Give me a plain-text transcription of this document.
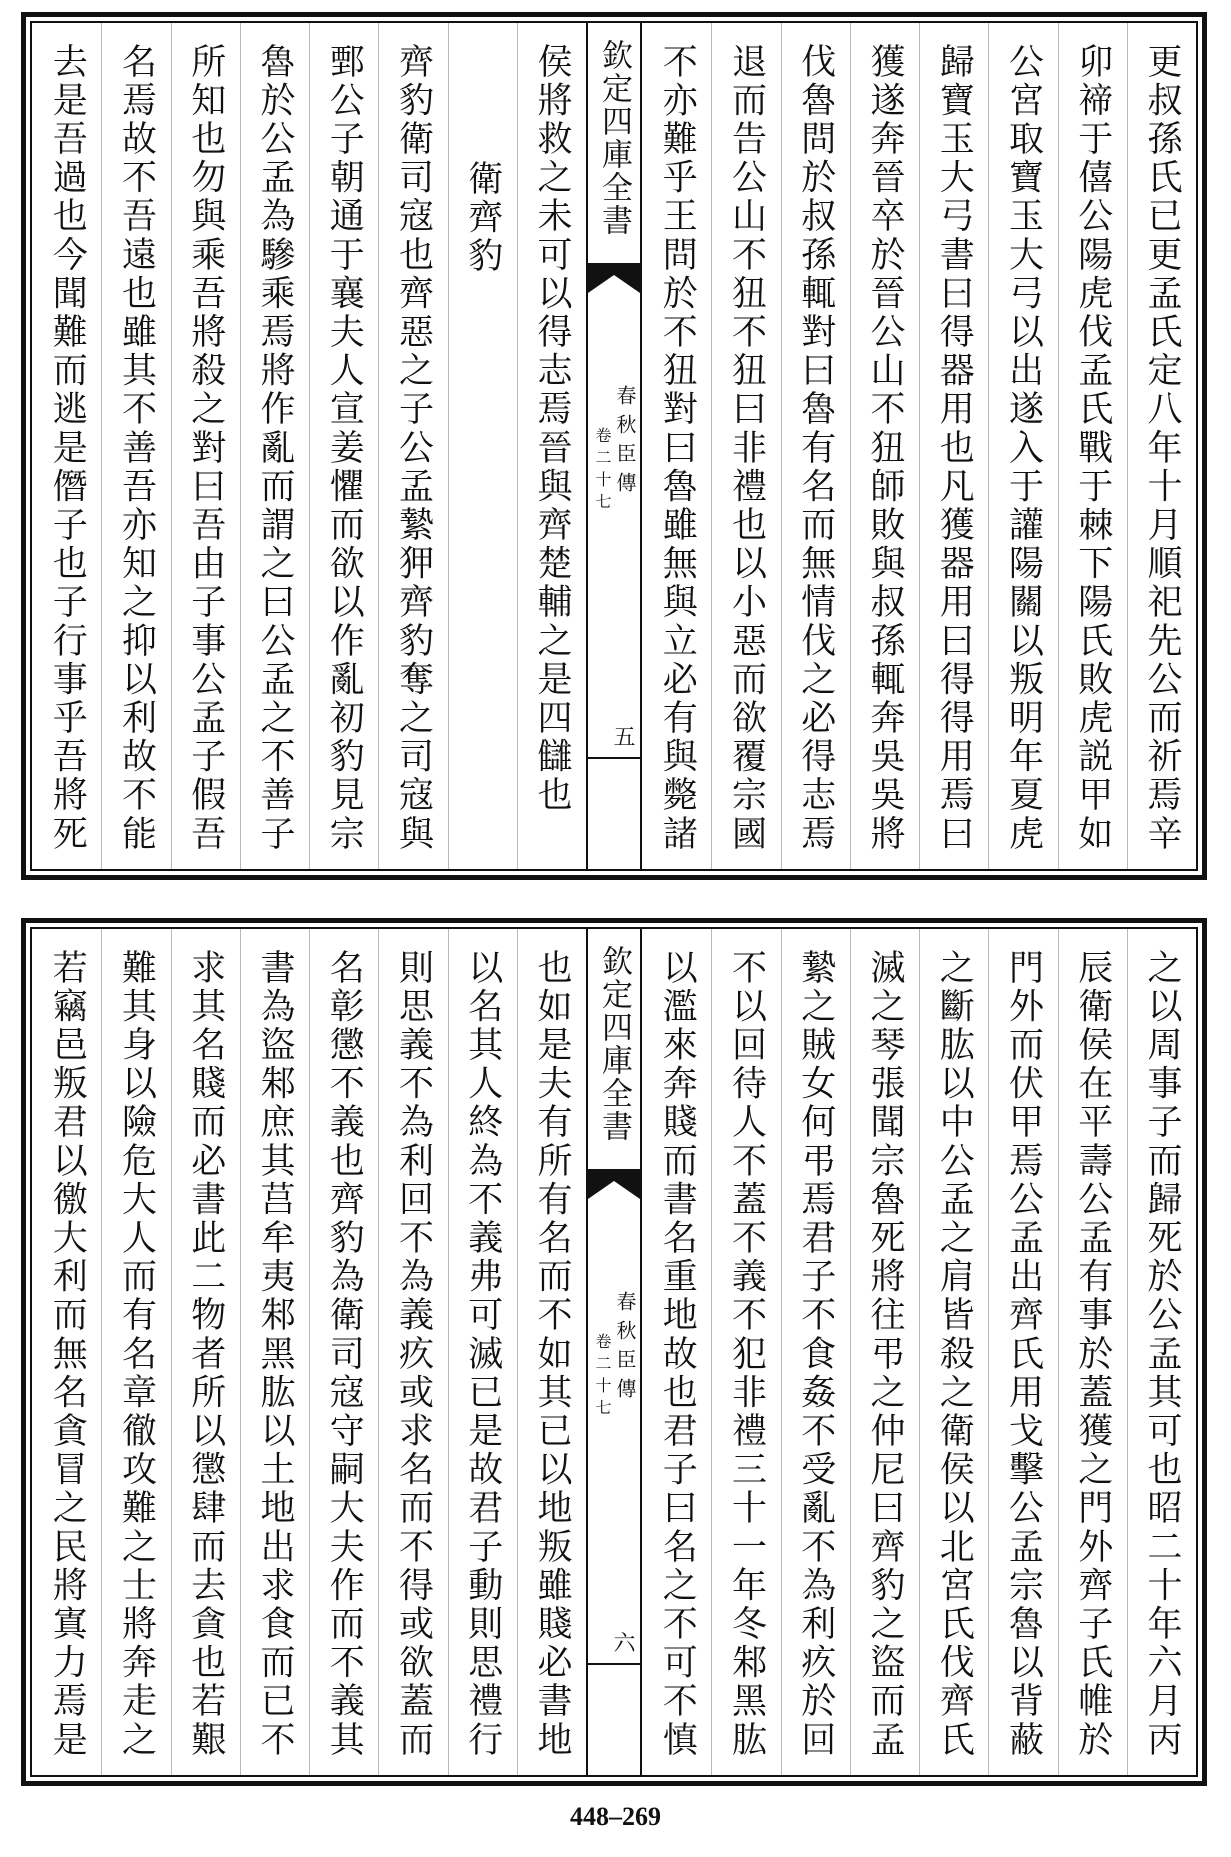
更叔孫氏已更孟氏定八年十月順祀先公而祈焉辛
卯禘于僖公陽虎伐孟氏戰于棘下陽氏敗虎説甲如
公宮取寶玉大弓以出遂入于讙陽關以叛明年夏虎
歸寶玉大弓書曰得器用也凡獲器用曰得得用焉曰
獲遂奔晉卒於晉公山不狃師敗與叔孫輒奔吳吳將
伐魯問於叔孫輒對曰魯有名而無情伐之必得志焉
退而告公山不狃不狃曰非禮也以小惡而欲覆宗國
不亦難乎王問於不狃對曰魯雖無與立必有與斃諸
欽定四庫全書
春秋臣傳
卷二十七
五
侯將救之未可以得志焉晉與齊楚輔之是四讎也
衛齊豹
齊豹衛司寇也齊惡之子公孟縶狎齊豹奪之司寇與
鄄公子朝通于襄夫人宣姜懼而欲以作亂初豹見宗
魯於公孟為驂乘焉將作亂而謂之曰公孟之不善子
所知也勿與乘吾將殺之對曰吾由子事公孟子假吾
名焉故不吾遠也雖其不善吾亦知之抑以利故不能
去是吾過也今聞難而逃是僭子也子行事乎吾將死
之以周事子而歸死於公孟其可也昭二十年六月丙
辰衛侯在平壽公孟有事於蓋獲之門外齊子氏帷於
門外而伏甲焉公孟出齊氏用戈擊公孟宗魯以背蔽
之斷肱以中公孟之肩皆殺之衛侯以北宮氏伐齊氏
滅之琴張聞宗魯死將往弔之仲尼曰齊豹之盜而孟
縶之賊女何弔焉君子不食姦不受亂不為利疚於回
不以回待人不蓋不義不犯非禮三十一年冬邾黑肱
以濫來奔賤而書名重地故也君子曰名之不可不慎
欽定四庫全書
春秋臣傳
卷二十七
六
也如是夫有所有名而不如其已以地叛雖賤必書地
以名其人終為不義弗可滅已是故君子動則思禮行
則思義不為利回不為義疚或求名而不得或欲蓋而
名彰懲不義也齊豹為衛司寇守嗣大夫作而不義其
書為盜邾庶其莒牟夷邾黑肱以土地出求食而已不
求其名賤而必書此二物者所以懲肆而去貪也若艱
難其身以險危大人而有名章徹攻難之士將奔走之
若竊邑叛君以徼大利而無名貪冒之民將寘力焉是
448–269
